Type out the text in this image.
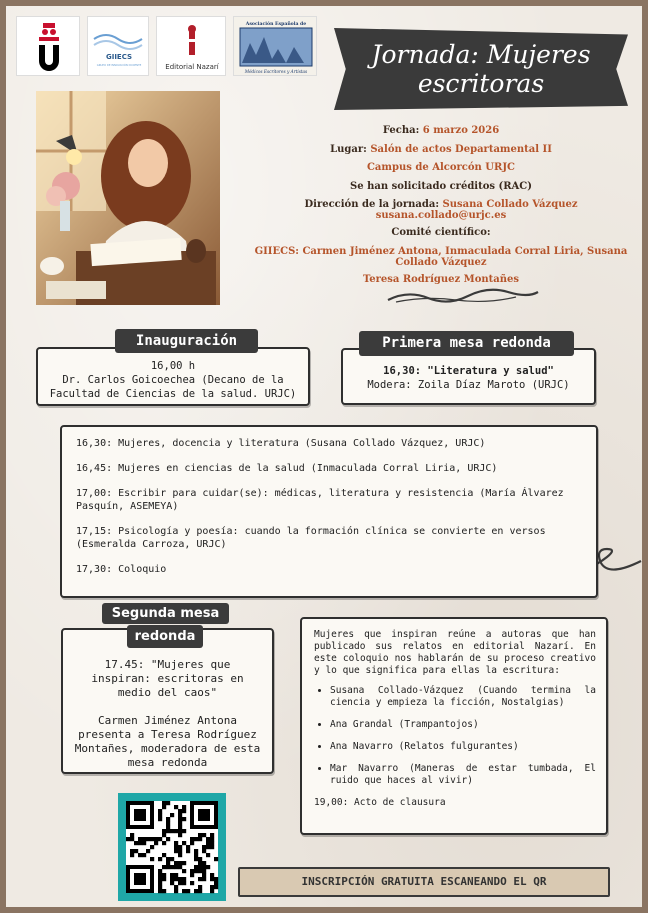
GIIECS
GRUPO DE INNOVACIÓN DOCENTE	Editorial Nazarí
Asociación Española de
Médicos Escritores y Artistas
Jornada: Mujeres
escritoras
Fecha: 6 marzo 2026
Lugar: Salón de actos Departamental II
Campus de Alcorcón URJC
Se han solicitado créditos (RAC)
Dirección de la jornada: Susana Collado Vázquez
susana.collado@urjc.es
Comité científico:
GIIECS: Carmen Jiménez Antona, Inmaculada Corral Liria, Susana Collado Vázquez
Teresa Rodríguez Montañes
16,00 h
Dr. Carlos Goicoechea (Decano de la Facultad de Ciencias de la salud. URJC)
Inauguración
16,30: "Literatura y salud"
Modera: Zoila Díaz Maroto (URJC)
Primera mesa redonda
16,30: Mujeres, docencia y literatura (Susana Collado Vázquez, URJC)
16,45: Mujeres en ciencias de la salud (Inmaculada Corral Liria, URJC)
17,00: Escribir para cuidar(se): médicas, literatura y resistencia (María Álvarez Pasquín, ASEMEYA)
17,15: Psicología y poesía: cuando la formación clínica se convierte en versos (Esmeralda Carroza, URJC)
17,30: Coloquio
17.45: "Mujeres que inspiran: escritoras en medio del caos"
Carmen Jiménez Antona presenta a Teresa Rodríguez Montañes, moderadora de esta mesa redonda
Segunda mesa
redonda	Mujeres que inspiran reúne a autoras que han publicado sus relatos en editorial Nazarí. En este coloquio nos hablarán de su proceso creativo y lo que significa para ellas la escritura:
• Susana Collado-Vázquez (Cuando termina la ciencia y empieza la ficción, Nostalgias)
• Ana Grandal (Trampantojos)
• Ana Navarro (Relatos fulgurantes)
• Mar Navarro (Maneras de estar tumbada, El ruido que haces al vivir)
19,00: Acto de clausura
INSCRIPCIÓN GRATUITA ESCANEANDO EL QR
